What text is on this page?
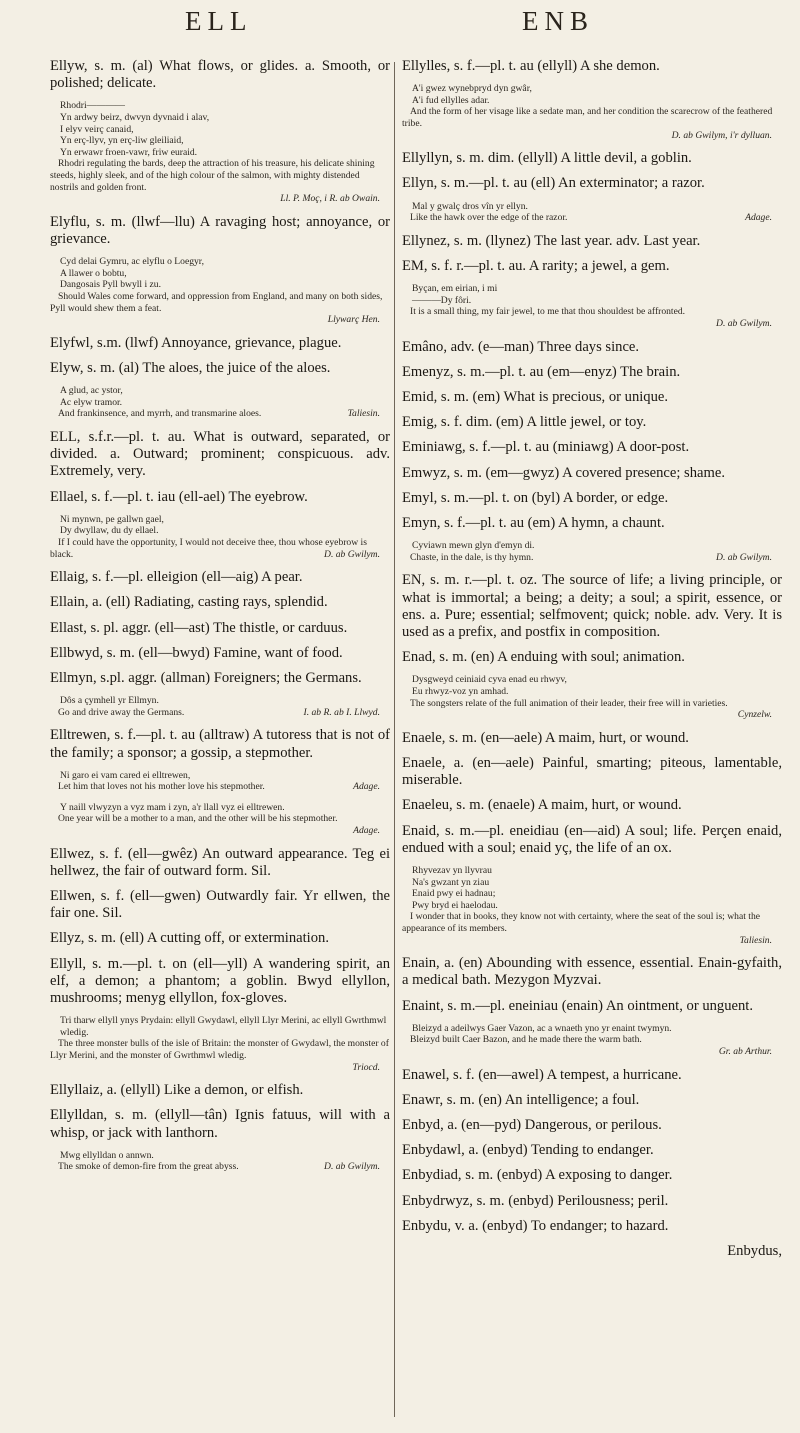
ELL	ENB

Ellyw, s. m. (al) What flows, or glides. a. Smooth, or polished; delicate.

Rhodri————
Yn ardwy beirz, dwvyn dyvnaid i alav,
I elyv veirç canaid,
Yn erç-llyv, yn erç-liw gleiliaid,
Yn erwawr froen-vawr, friw euraid.
Rhodri regulating the bards, deep the attraction of his treasure, his delicate shining steeds, highly sleek, and of the high colour of the salmon, with mighty distended nostrils and golden front.
Ll. P. Moç, i R. ab Owain.

Elyflu, s. m. (llwf—llu) A ravaging host; annoyance, or grievance.

Cyd delai Gymru, ac elyflu o Loegyr,
A llawer o bobtu,
Dangosais Pyll bwyll i zu.
Should Wales come forward, and oppression from England, and many on both sides, Pyll would shew them a feat.
Llywarç Hen.

Elyfwl, s.m. (llwf) Annoyance, grievance, plague.

Elyw, s. m. (al) The aloes, the juice of the aloes.

A glud, ac ystor,
Ac elyw tramor.
And frankinsence, and myrrh, and transmarine aloes.	Taliesin.

ELL, s.f.r.—pl. t. au. What is outward, separated, or divided. a. Outward; prominent; conspicuous. adv. Extremely, very.

Ellael, s. f.—pl. t. iau (ell-ael) The eyebrow.

Ni mynwn, pe gallwn gael,
Dy dwyllaw, du dy ellael.
If I could have the opportunity, I would not deceive thee, thou whose eyebrow is black.	D. ab Gwilym.

Ellaig, s. f.—pl. elleigion (ell—aig) A pear.

Ellain, a. (ell) Radiating, casting rays, splendid.

Ellast, s. pl. aggr. (ell—ast) The thistle, or carduus.

Ellbwyd, s. m. (ell—bwyd) Famine, want of food.

Ellmyn, s.pl. aggr. (allman) Foreigners; the Germans.

Dôs a çymhell yr Ellmyn.
Go and drive away the Germans.	I. ab R. ab I. Llwyd.

Elltrewen, s. f.—pl. t. au (alltraw) A tutoress that is not of the family; a sponsor; a gossip, a stepmother.

Ni garo ei vam cared ei elltrewen,
Let him that loves not his mother love his stepmother.	Adage.
Y naill vlwyzyn a vyz mam i zyn, a'r llall vyz ei elltrewen.
One year will be a mother to a man, and the other will be his stepmother.
Adage.

Ellwez, s. f. (ell—gwêz) An outward appearance. Teg ei hellwez, the fair of outward form. Sil.

Ellwen, s. f. (ell—gwen) Outwardly fair. Yr ellwen, the fair one. Sil.

Ellyz, s. m. (ell) A cutting off, or extermination.

Ellyll, s. m.—pl. t. on (ell—yll) A wandering spirit, an elf, a demon; a phantom; a goblin. Bwyd ellyllon, mushrooms; menyg ellyllon, fox-gloves.

Tri tharw ellyll ynys Prydain: ellyll Gwydawl, ellyll Llyr Merini, ac ellyll Gwrthmwl wledig.
The three monster bulls of the isle of Britain: the monster of Gwydawl, the monster of Llyr Merini, and the monster of Gwrthmwl wledig.
Triocd.

Ellyllaiz, a. (ellyll) Like a demon, or elfish.

Ellylldan, s. m. (ellyll—tân) Ignis fatuus, will with a whisp, or jack with lanthorn.

Mwg ellylldan o annwn.
The smoke of demon-fire from the great abyss.	D. ab Gwilym.

Ellylles, s. f.—pl. t. au (ellyll) A she demon.

A'i gwez wynebpryd dyn gwâr,
A'i fud ellylles adar.
And the form of her visage like a sedate man, and her condition the scarecrow of the feathered tribe.
D. ab Gwilym, i'r dylluan.

Ellyllyn, s. m. dim. (ellyll) A little devil, a goblin.

Ellyn, s. m.—pl. t. au (ell) An exterminator; a razor.

Mal y gwalç dros vîn yr ellyn.
Like the hawk over the edge of the razor.	Adage.

Ellynez, s. m. (llynez) The last year. adv. Last year.

EM, s. f. r.—pl. t. au. A rarity; a jewel, a gem.

Byçan, em eirian, i mi
———Dy fôri.
It is a small thing, my fair jewel, to me that thou shouldest be affronted.
D. ab Gwilym.

Emâno, adv. (e—man) Three days since.

Emenyz, s. m.—pl. t. au (em—enyz) The brain.

Emid, s. m. (em) What is precious, or unique.

Emig, s. f. dim. (em) A little jewel, or toy.

Eminiawg, s. f.—pl. t. au (miniawg) A door-post.

Emwyz, s. m. (em—gwyz) A covered presence; shame.

Emyl, s. m.—pl. t. on (byl) A border, or edge.

Emyn, s. f.—pl. t. au (em) A hymn, a chaunt.

Cyviawn mewn glyn d'emyn di.
Chaste, in the dale, is thy hymn.	D. ab Gwilym.

EN, s. m. r.—pl. t. oz. The source of life; a living principle, or what is immortal; a being; a deity; a soul; a spirit, essence, or ens. a. Pure; essential; selfmovent; quick; noble. adv. Very. It is used as a prefix, and postfix in composition.

Enad, s. m. (en) A enduing with soul; animation.

Dysgweyd ceiniaid cyva enad eu rhwyv,
Eu rhwyz-voz yn amhad.
The songsters relate of the full animation of their leader, their free will in varieties.
Cynzelw.

Enaele, s. m. (en—aele) A maim, hurt, or wound.

Enaele, a. (en—aele) Painful, smarting; piteous, lamentable, miserable.

Enaeleu, s. m. (enaele) A maim, hurt, or wound.

Enaid, s. m.—pl. eneidiau (en—aid) A soul; life. Perçen enaid, endued with a soul; enaid yç, the life of an ox.

Rhyvezav yn llyvrau
Na's gwzant yn ziau
Enaid pwy ei hadnau;
Pwy bryd ei haelodau.
I wonder that in books, they know not with certainty, where the seat of the soul is; what the appearance of its members.
Taliesin.

Enain, a. (en) Abounding with essence, essential. Enain-gyfaith, a medical bath. Mezygon Myzvai.

Enaint, s. m.—pl. eneiniau (enain) An ointment, or unguent.

Bleizyd a adeilwys Gaer Vazon, ac a wnaeth yno yr enaint twymyn.
Bleizyd built Caer Bazon, and he made there the warm bath.
Gr. ab Arthur.

Enawel, s. f. (en—awel) A tempest, a hurricane.

Enawr, s. m. (en) An intelligence; a foul.

Enbyd, a. (en—pyd) Dangerous, or perilous.

Enbydawl, a. (enbyd) Tending to endanger.

Enbydiad, s. m. (enbyd) A exposing to danger.

Enbydrwyz, s. m. (enbyd) Perilousness; peril.

Enbydu, v. a. (enbyd) To endanger; to hazard.

Enbydus,
